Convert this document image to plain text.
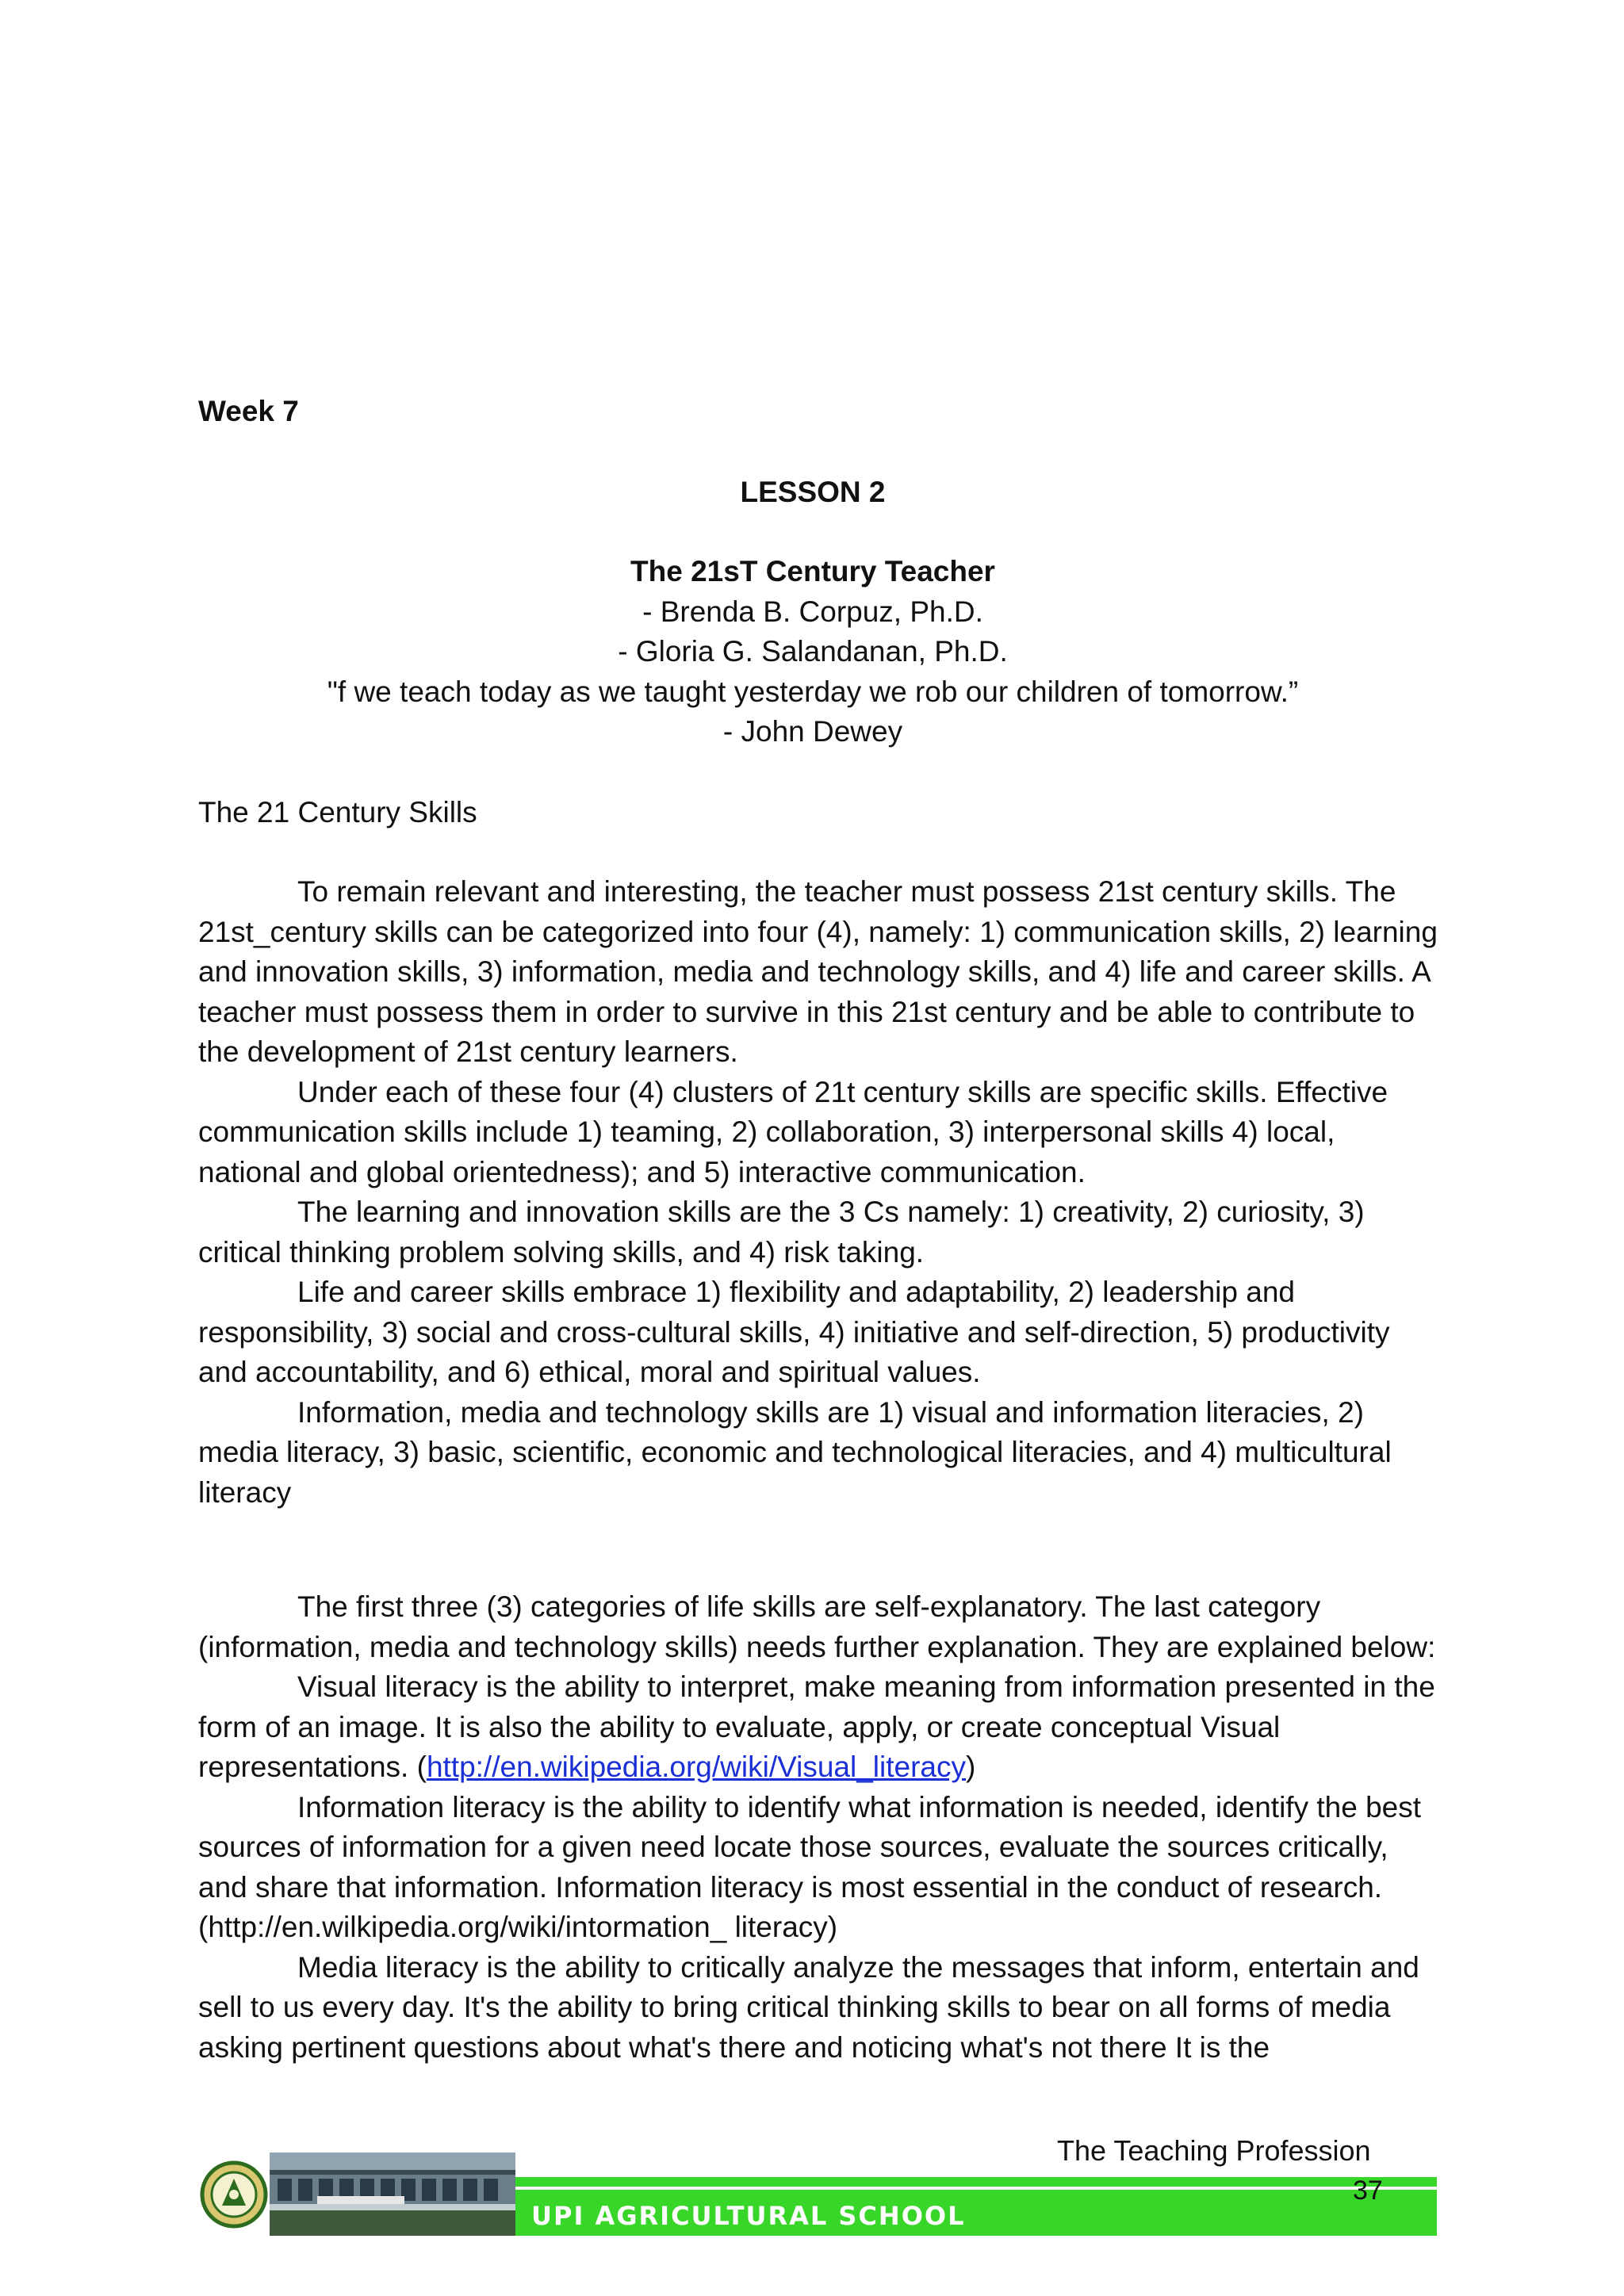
Week 7
LESSON 2
The 21sT Century Teacher
- Brenda B. Corpuz, Ph.D.
- Gloria G. Salandanan, Ph.D.
"f we teach today as we taught yesterday we rob our children of tomorrow.”
- John Dewey
The 21 Century Skills

To remain relevant and interesting, the teacher must possess 21st century skills. The 21st_century skills can be categorized into four (4), namely: 1) communication skills, 2) learning and innovation skills, 3) information, media and technology skills, and 4) life and career skills. A teacher must possess them in order to survive in this 21st century and be able to contribute to the development of 21st century learners.

Under each of these four (4) clusters of 21t century skills are specific skills. Effective communication skills include 1) teaming, 2) collaboration, 3) interpersonal skills 4) local, national and global orientedness); and 5) interactive communication.

The learning and innovation skills are the 3 Cs namely: 1) creativity, 2) curiosity, 3) critical thinking problem solving skills, and 4) risk taking.

Life and career skills embrace 1) flexibility and adaptability, 2) leadership and responsibility, 3) social and cross-cultural skills, 4) initiative and self-direction, 5) productivity and accountability, and 6) ethical, moral and spiritual values.

Information, media and technology skills are 1) visual and information literacies, 2) media literacy, 3) basic, scientific, economic and technological literacies, and 4) multicultural literacy

The first three (3) categories of life skills are self-explanatory. The last category (information, media and technology skills) needs further explanation. They are explained below:

Visual literacy is the ability to interpret, make meaning from information presented in the form of an image. It is also the ability to evaluate, apply, or create conceptual Visual representations. (http://en.wikipedia.org/wiki/Visual_literacy)

Information literacy is the ability to identify what information is needed, identify the best sources of information for a given need locate those sources, evaluate the sources critically, and share that information. Information literacy is most essential in the conduct of research. (http://en.wilkipedia.org/wiki/intormation_ literacy)

Media literacy is the ability to critically analyze the messages that inform, entertain and sell to us every day. It's the ability to bring critical thinking skills to bear on all forms of media asking pertinent questions about what's there and noticing what's not there It is the

The Teaching Profession
UPI AGRICULTURAL SCHOOL
37
